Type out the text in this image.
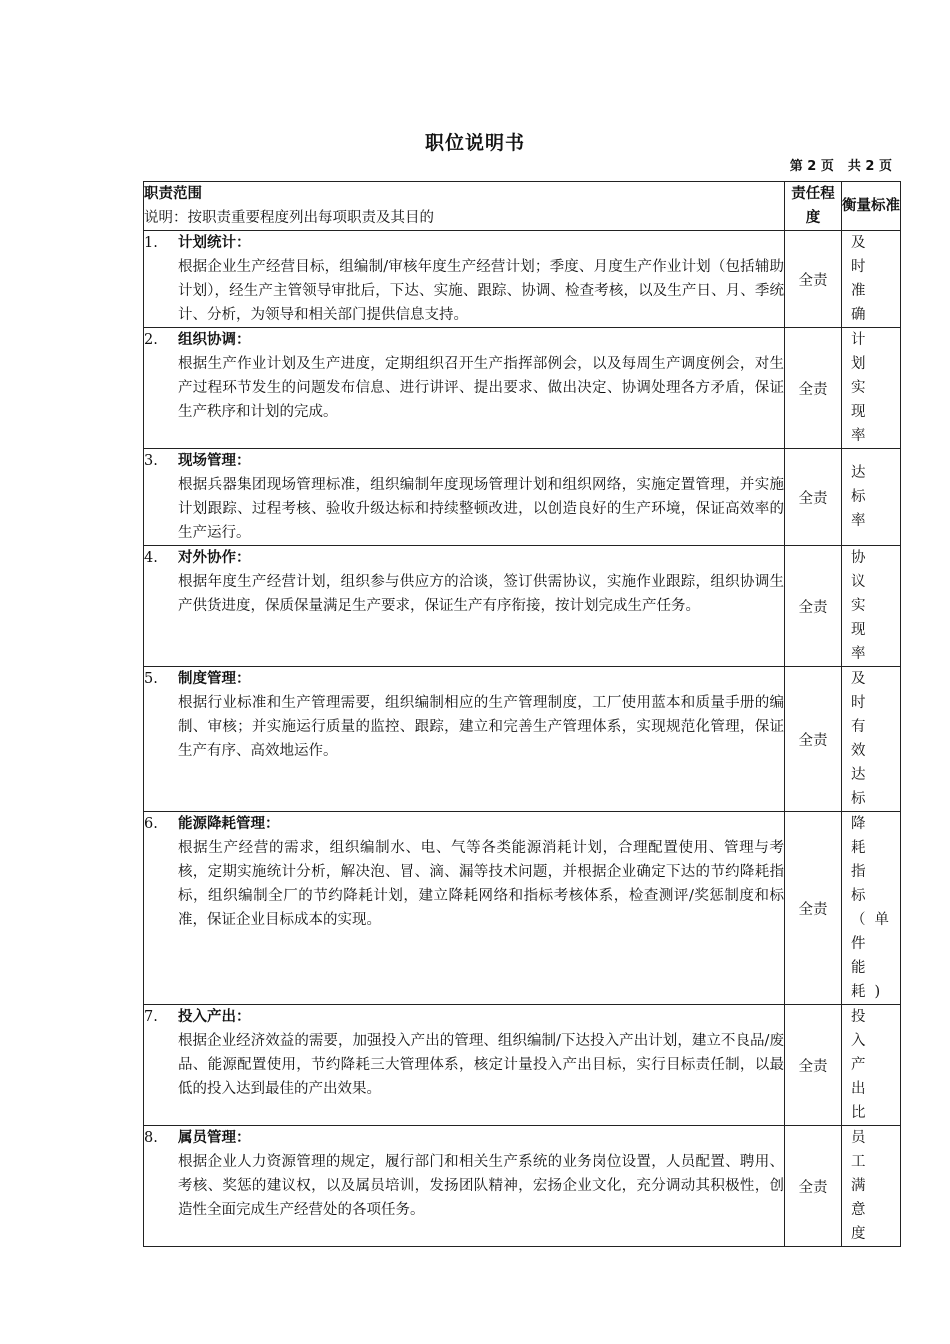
职位说明书
第 2 页 共 2 页
职责范围
说明：按职责重要程度列出每项职责及其目的	责任程度	衡量标准

1. 计划统计：
根据企业生产经营目标，组编制/审核年度生产经营计划；季度、月度生产作业计划（包括辅助计划），经生产主管领导审批后，下达、实施、跟踪、协调、检查考核，以及生产日、月、季统计、分析，为领导和相关部门提供信息支持。	全责	及时准确

2. 组织协调：
根据生产作业计划及生产进度，定期组织召开生产指挥部例会，以及每周生产调度例会，对生产过程环节发生的问题发布信息、进行讲评、提出要求、做出决定、协调处理各方矛盾，保证生产秩序和计划的完成。	全责	计划实现率

3. 现场管理：
根据兵器集团现场管理标准，组织编制年度现场管理计划和组织网络，实施定置管理，并实施计划跟踪、过程考核、验收升级达标和持续整顿改进，以创造良好的生产环境，保证高效率的生产运行。	全责	达标率

4. 对外协作：
根据年度生产经营计划，组织参与供应方的洽谈，签订供需协议，实施作业跟踪，组织协调生产供货进度，保质保量满足生产要求，保证生产有序衔接，按计划完成生产任务。	全责	协议实现率

5. 制度管理：
根据行业标准和生产管理需要，组织编制相应的生产管理制度，工厂使用蓝本和质量手册的编制、审核；并实施运行质量的监控、跟踪，建立和完善生产管理体系，实现规范化管理，保证生产有序、高效地运作。	全责	及时有效达标

6. 能源降耗管理：
根据生产经营的需求，组织编制水、电、气等各类能源消耗计划，合理配置使用、管理与考核，定期实施统计分析，解决泡、冒、滴、漏等技术问题，并根据企业确定下达的节约降耗指标，组织编制全厂的节约降耗计划，建立降耗网络和指标考核体系，检查测评/奖惩制度和标准，保证企业目标成本的实现。	全责	降耗指标（单件能耗)

7. 投入产出：
根据企业经济效益的需要，加强投入产出的管理、组织编制/下达投入产出计划，建立不良品/废品、能源配置使用，节约降耗三大管理体系，核定计量投入产出目标，实行目标责任制，以最低的投入达到最佳的产出效果。	全责	投入产出比

8. 属员管理：
根据企业人力资源管理的规定，履行部门和相关生产系统的业务岗位设置，人员配置、聘用、考核、奖惩的建议权，以及属员培训，发扬团队精神，宏扬企业文化，充分调动其积极性，创造性全面完成生产经营处的各项任务。	全责	员工满意度
